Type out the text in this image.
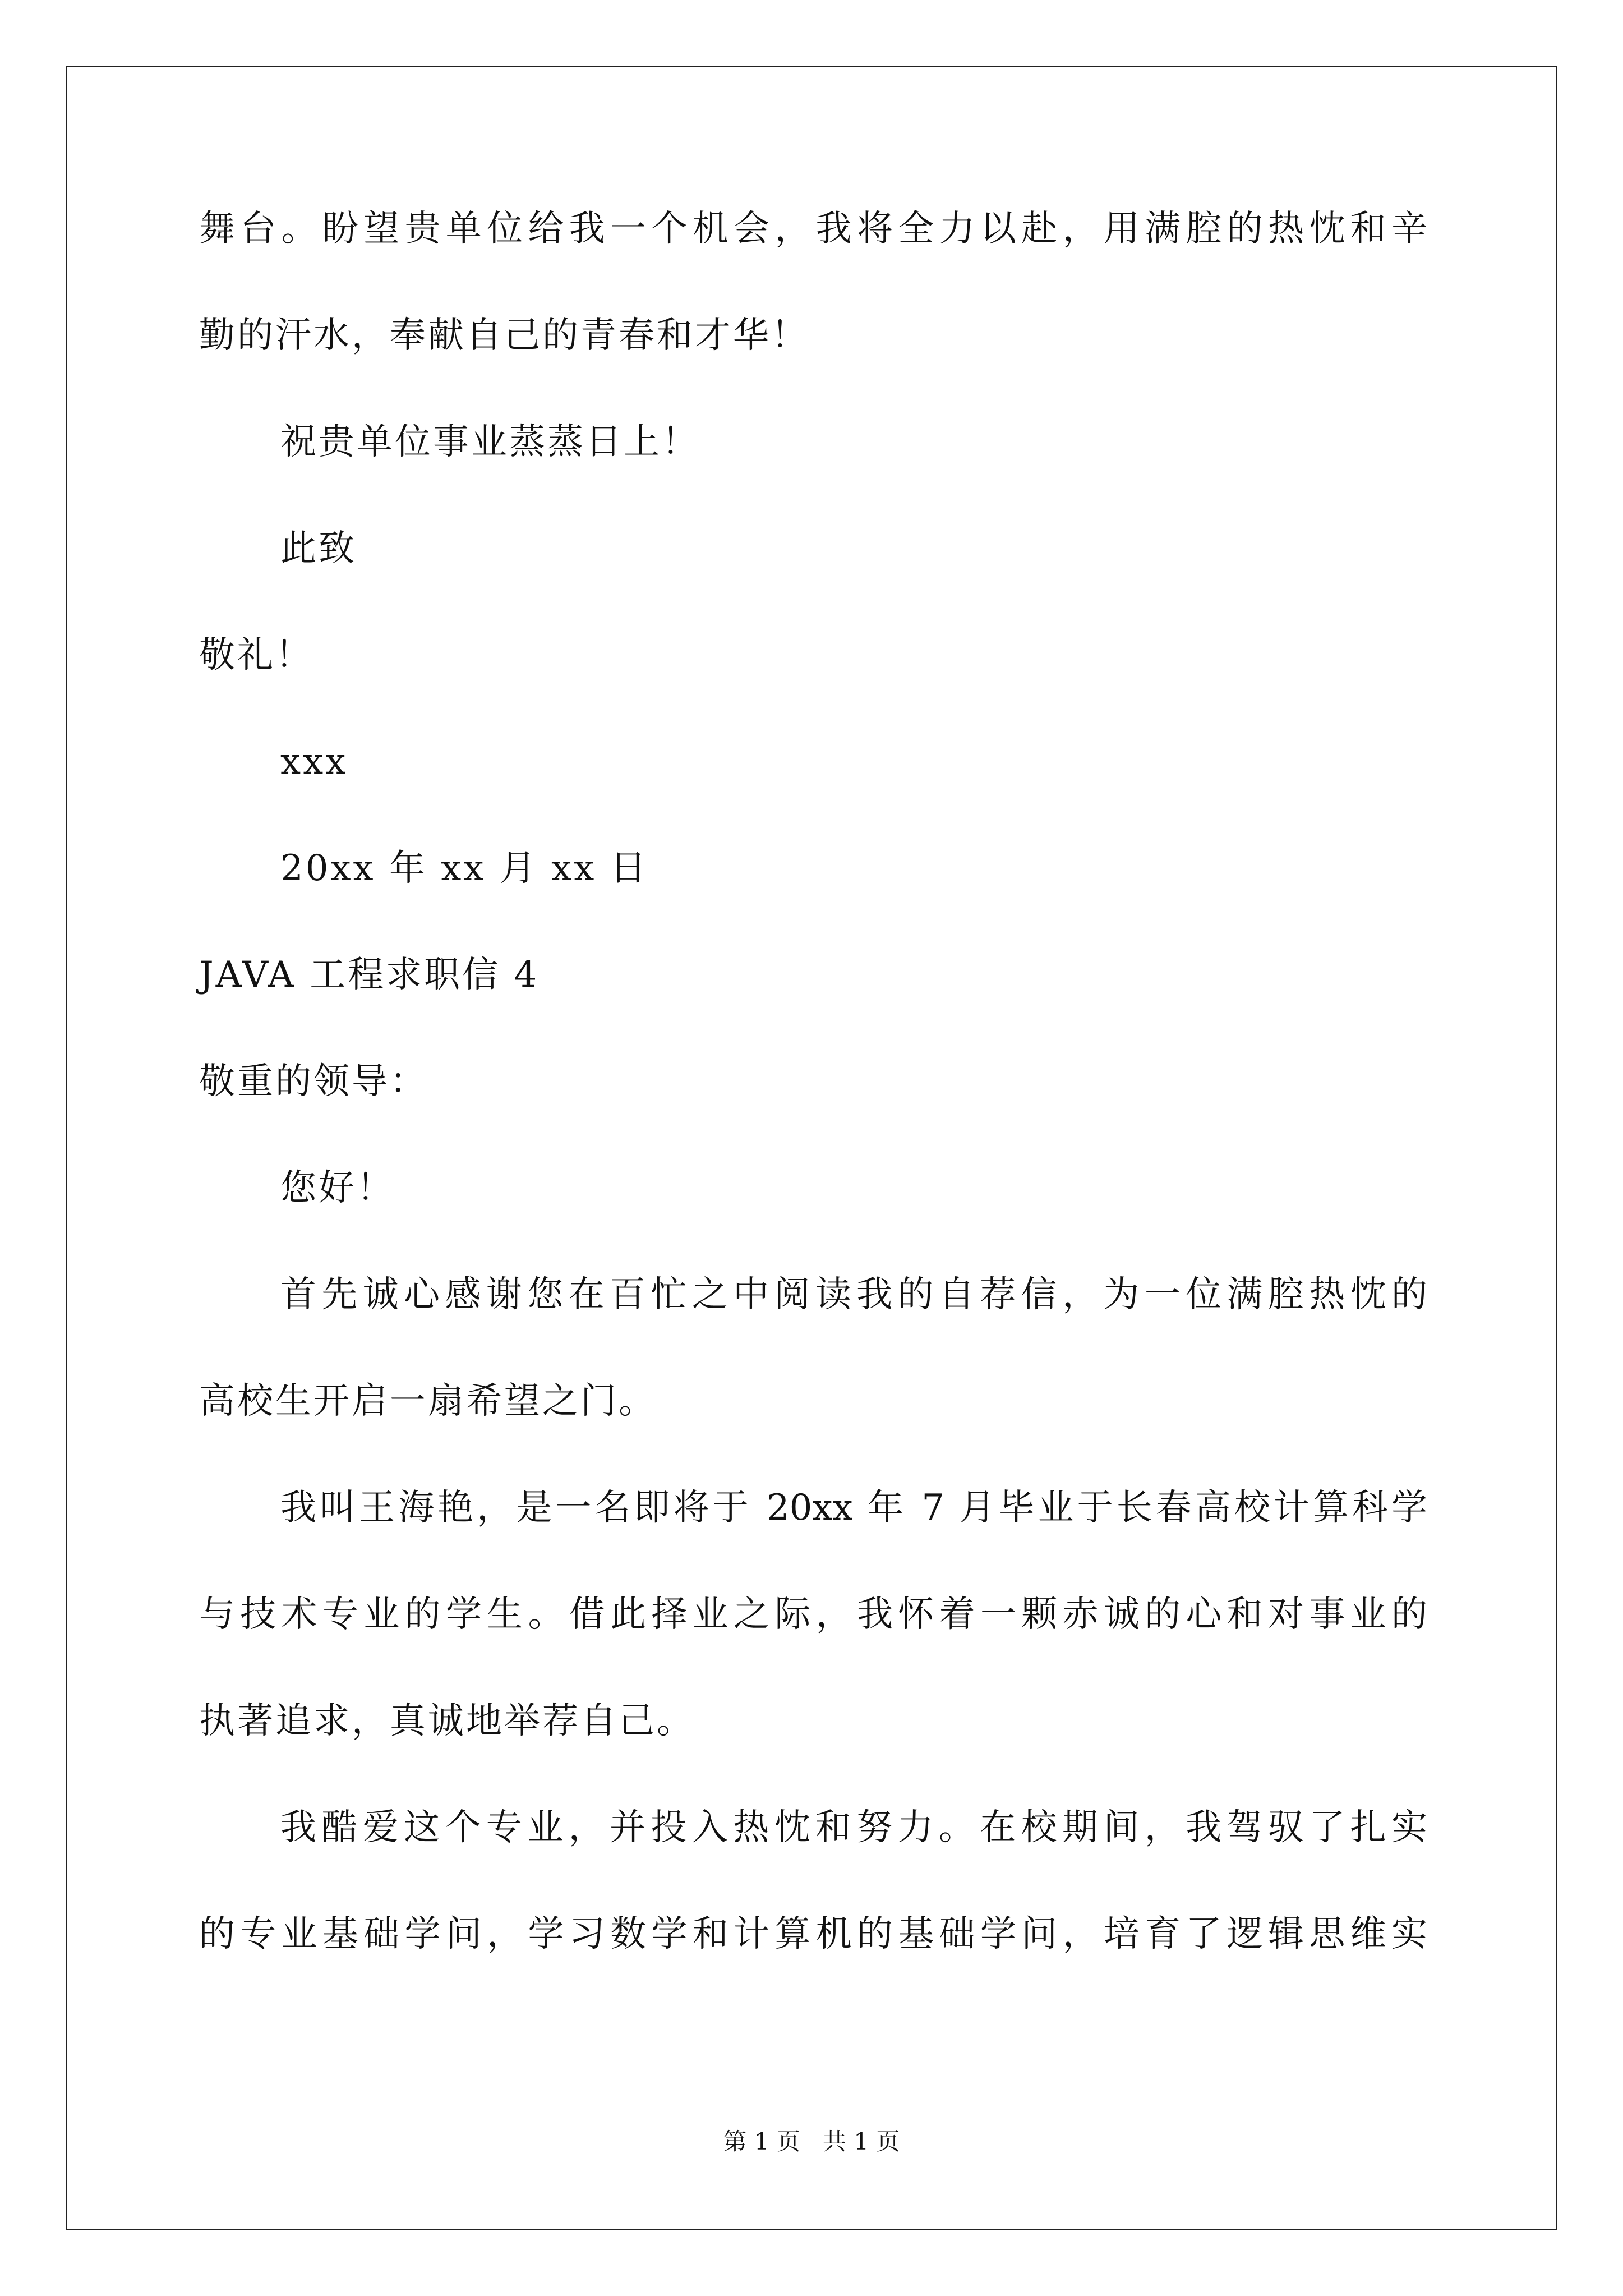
舞台。盼望贵单位给我一个机会，我将全力以赴，用满腔的热忱和辛
勤的汗水，奉献自己的青春和才华！
祝贵单位事业蒸蒸日上！
此致
敬礼！
xxx
20xx 年 xx 月 xx 日
JAVA 工程求职信 4
敬重的领导：
您好！
首先诚心感谢您在百忙之中阅读我的自荐信，为一位满腔热忱的
高校生开启一扇希望之门。
我叫王海艳，是一名即将于 20xx 年 7 月毕业于长春高校计算科学
与技术专业的学生。借此择业之际，我怀着一颗赤诚的心和对事业的
执著追求，真诚地举荐自己。
我酷爱这个专业，并投入热忱和努力。在校期间，我驾驭了扎实
的专业基础学问，学习数学和计算机的基础学问，培育了逻辑思维实
第 1 页   共 1 页
